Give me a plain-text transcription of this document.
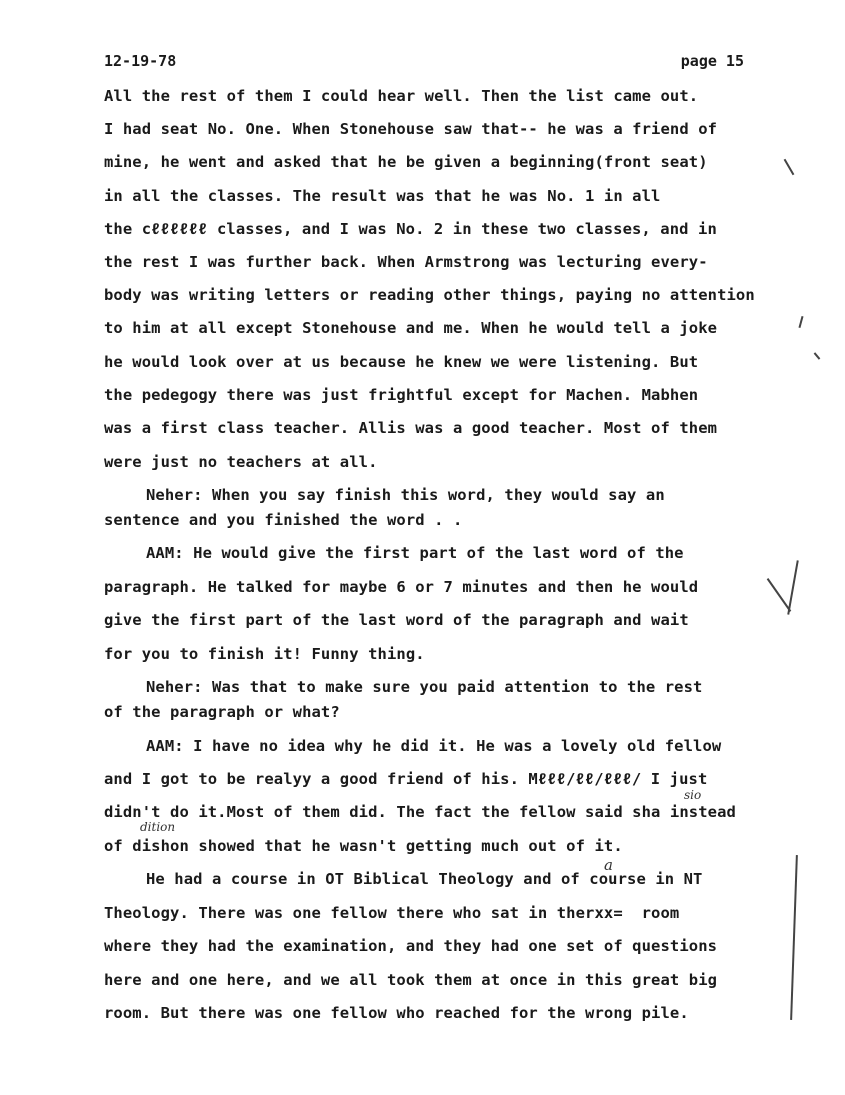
12-19-78	page 15
All the rest of them I could hear well. Then the list came out.
I had seat No. One. When Stonehouse saw that-- he was a friend of
mine, he went and asked that he be given a beginning(front seat)
in all the classes. The result was that he was No. 1 in all
the cℓℓℓℓℓℓ classes, and I was No. 2 in these two classes, and in
the rest I was further back. When Armstrong was lecturing every-
body was writing letters or reading other things, paying no attention
to him at all except Stonehouse and me. When he would tell a joke
he would look over at us because he knew we were listening. But
the pedegogy there was just frightful except for Machen. Mabhen
was a first class teacher. Allis was a good teacher. Most of them
were just no teachers at all.
Neher: When you say finish this word, they would say an
sentence and you finished the word . .
AAM: He would give the first part of the last word of the
paragraph. He talked for maybe 6 or 7 minutes and then he would
give the first part of the last word of the paragraph and wait
for you to finish it! Funny thing.
Neher: Was that to make sure you paid attention to the rest
of the paragraph or what?
AAM: I have no idea why he did it. He was a lovely old fellow
and I got to be realyy a good friend of his. Mℓℓℓ/ℓℓ/ℓℓℓ/ I just
didn't do it.Most of them did. The fact the fellow said sha instead
of dishon showed that he wasn't getting much out of it.
He had a course in OT Biblical Theology and of course in NT
Theology. There was one fellow there who sat in therxx=  room
where they had the examination, and they had one set of questions
here and one here, and we all took them at once in this great big
room. But there was one fellow who reached for the wrong pile.
sio
dition
a
